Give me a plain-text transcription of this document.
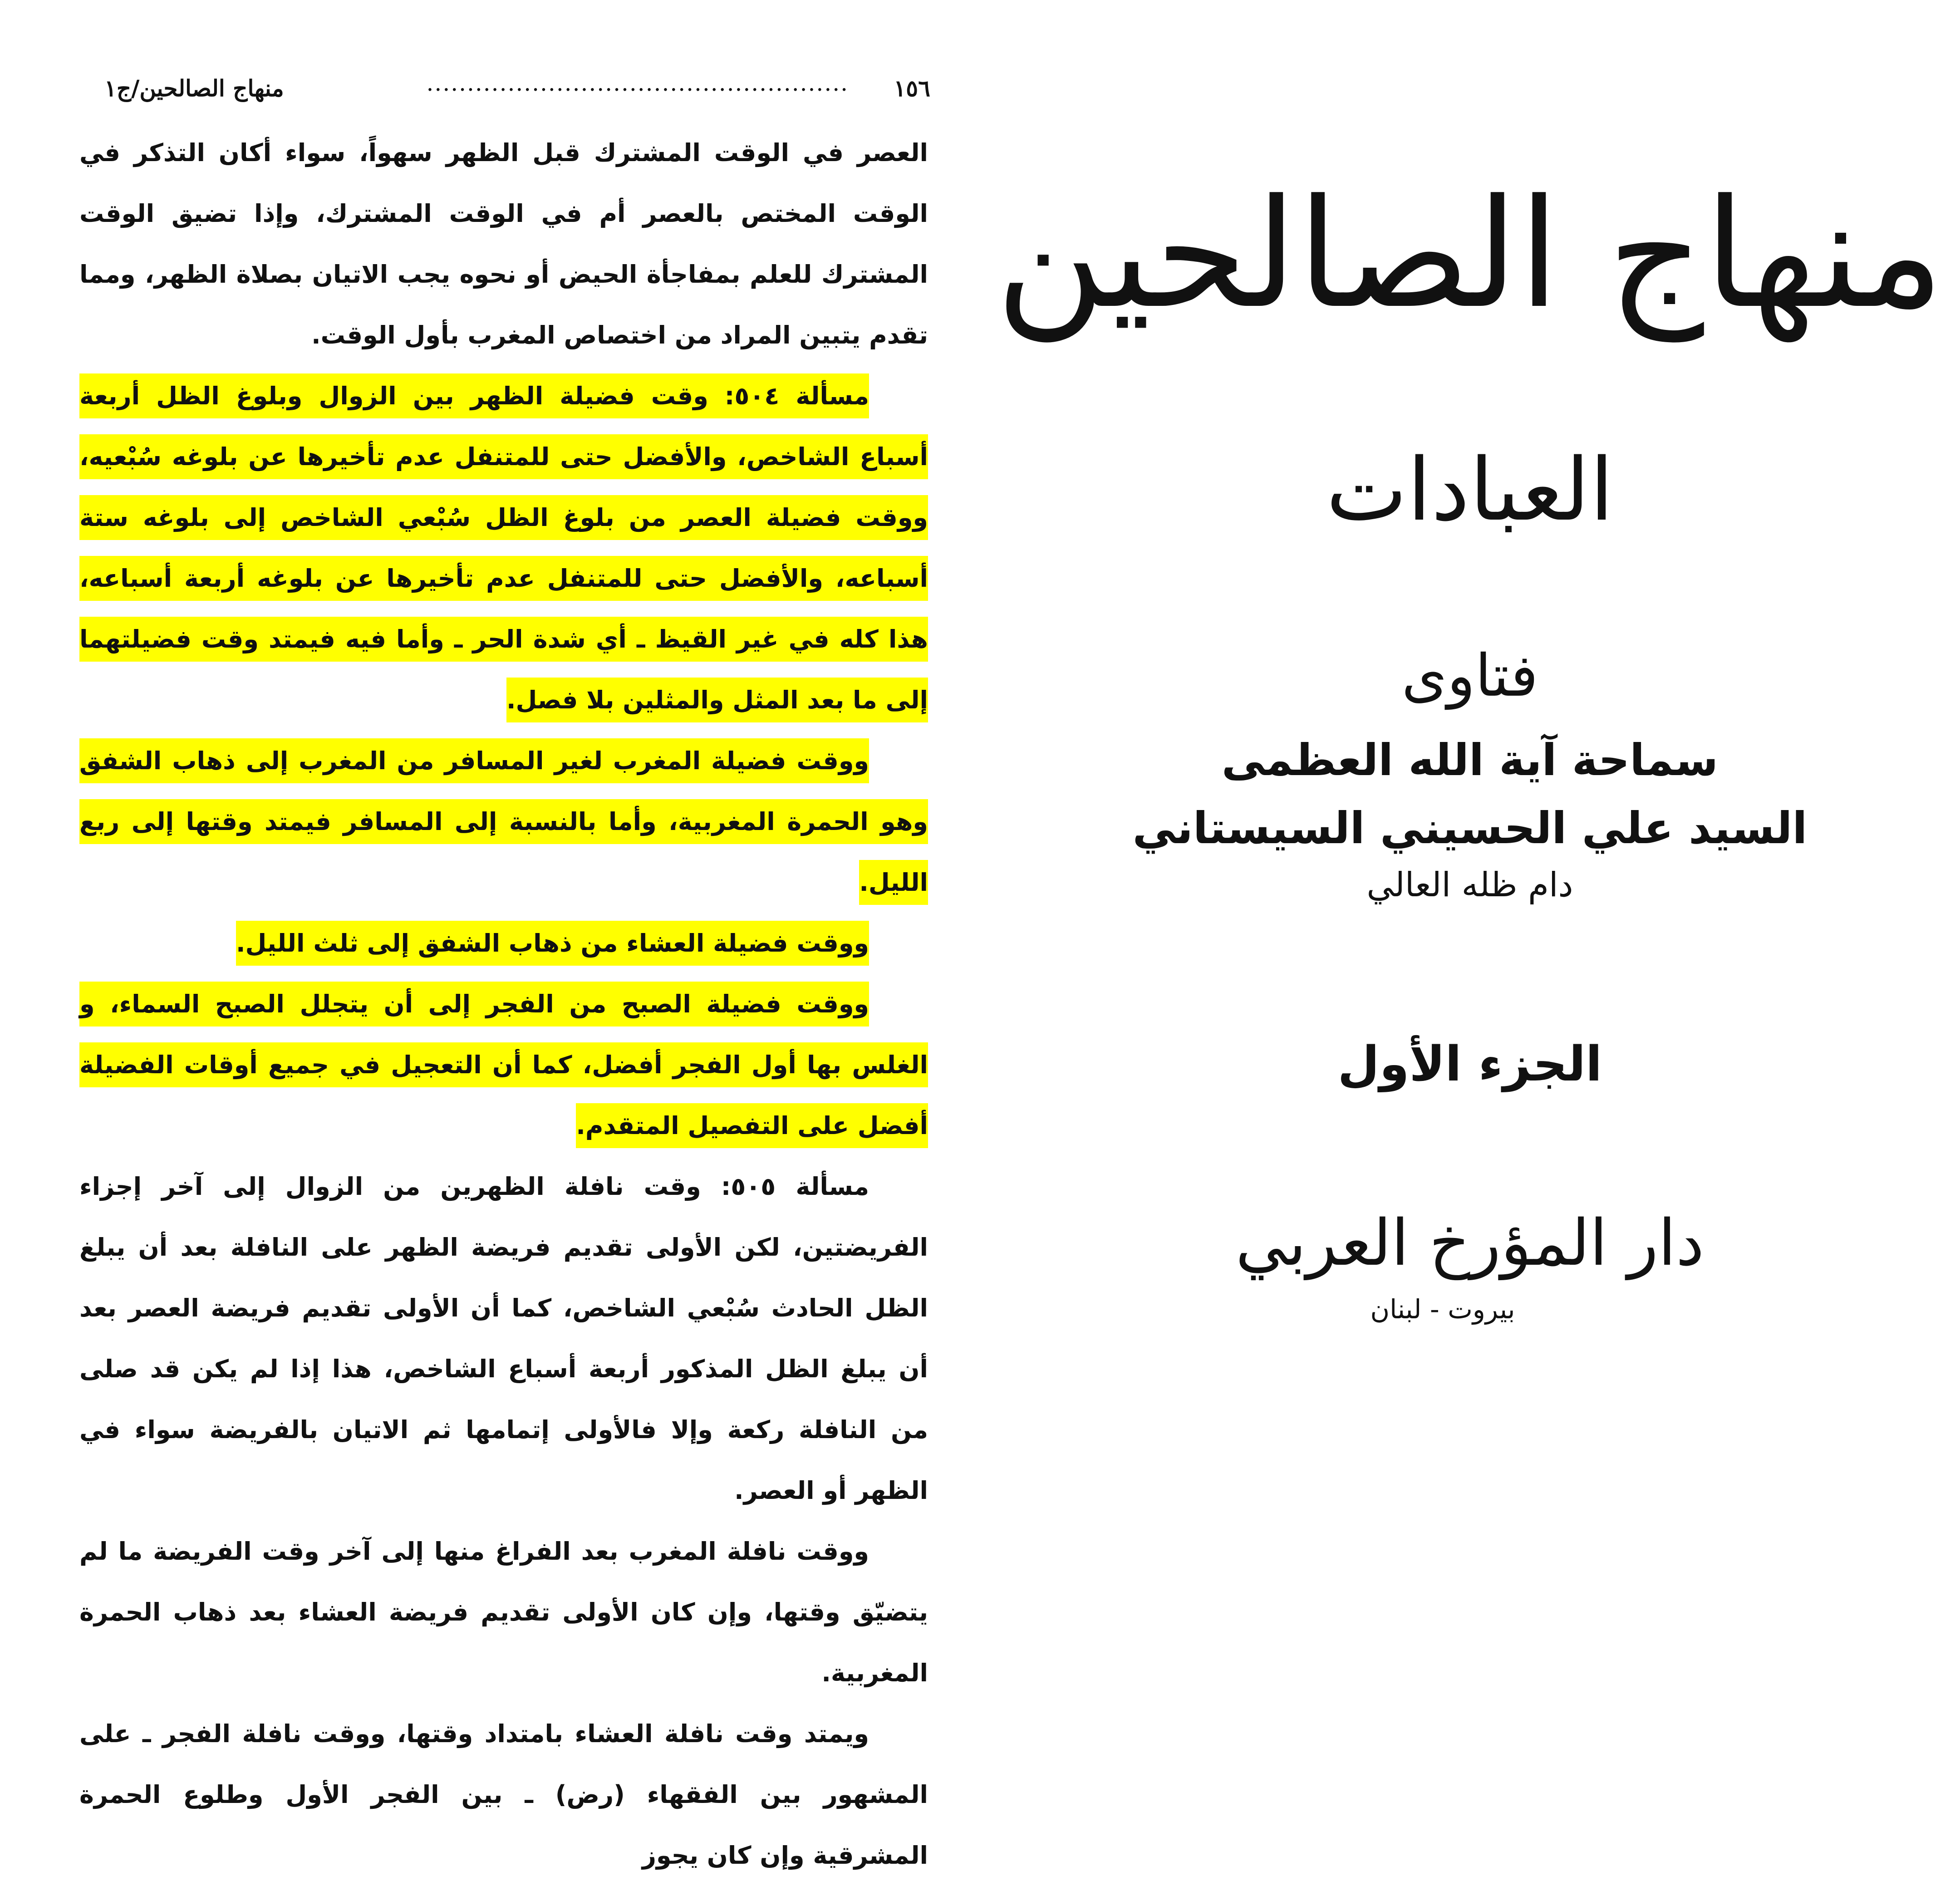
١٥٦
....................................................
منهاج الصالحين/ج١

العصر في الوقت المشترك قبل الظهر سهواً، سواء أكان التذكر في الوقت المختص بالعصر أم في الوقت المشترك، وإذا تضيق الوقت المشترك للعلم بمفاجأة الحيض أو نحوه يجب الاتيان بصلاة الظهر، ومما تقدم يتبين المراد من اختصاص المغرب بأول الوقت.

مسألة ٥٠٤: وقت فضيلة الظهر بين الزوال وبلوغ الظل أربعة أسباع الشاخص، والأفضل حتى للمتنفل عدم تأخيرها عن بلوغه سُبْعيه، ووقت فضيلة العصر من بلوغ الظل سُبْعي الشاخص إلى بلوغه ستة أسباعه، والأفضل حتى للمتنفل عدم تأخيرها عن بلوغه أربعة أسباعه، هذا كله في غير القيظ ـ أي شدة الحر ـ وأما فيه فيمتد وقت فضيلتهما إلى ما بعد المثل والمثلين بلا فصل.

ووقت فضيلة المغرب لغير المسافر من المغرب إلى ذهاب الشفق وهو الحمرة المغربية، وأما بالنسبة إلى المسافر فيمتد وقتها إلى ربع الليل.

ووقت فضيلة العشاء من ذهاب الشفق إلى ثلث الليل.

ووقت فضيلة الصبح من الفجر إلى أن يتجلل الصبح السماء، و الغلس بها أول الفجر أفضل، كما أن التعجيل في جميع أوقات الفضيلة أفضل على التفصيل المتقدم.

مسألة ٥٠٥: وقت نافلة الظهرين من الزوال إلى آخر إجزاء الفريضتين، لكن الأولى تقديم فريضة الظهر على النافلة بعد أن يبلغ الظل الحادث سُبْعي الشاخص، كما أن الأولى تقديم فريضة العصر بعد أن يبلغ الظل المذكور أربعة أسباع الشاخص، هذا إذا لم يكن قد صلى من النافلة ركعة وإلا فالأولى إتمامها ثم الاتيان بالفريضة سواء في الظهر أو العصر.

ووقت نافلة المغرب بعد الفراغ منها إلى آخر وقت الفريضة ما لم يتضيّق وقتها، وإن كان الأولى تقديم فريضة العشاء بعد ذهاب الحمرة المغربية.

ويمتد وقت نافلة العشاء بامتداد وقتها، ووقت نافلة الفجر ـ على المشهور بين الفقهاء (رض) ـ بين الفجر الأول وطلوع الحمرة المشرقية وإن كان يجوز

منهاج الصالحين
العبادات
فتاوى
سماحة آية الله العظمى
السيد علي الحسيني السيستاني
دام ظله العالي
الجزء الأول
دار المؤرخ العربي
بيروت - لبنان
